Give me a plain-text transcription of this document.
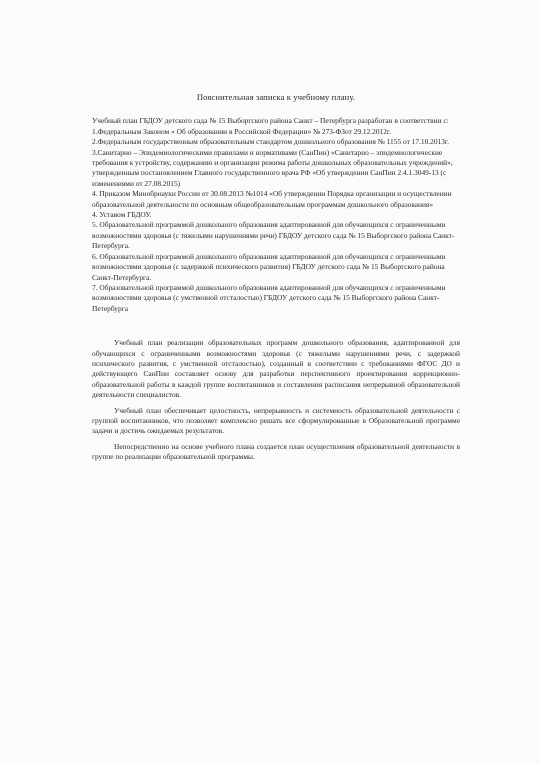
Пояснительная записка к учебному плану.

Учебный план ГБДОУ детского сада № 15 Выборгского района Санкт – Петербурга разработан в соответствии с:

1.Федеральным Законом « Об образовании в Российской Федерации» № 273-ФЗот 29.12.2012г.

2.Федеральным государственным образовательным стандартом дошкольного образования № 1155 от 17.10.2013г.

3.Санитарно – Эпидемиологическими правилами и нормативами (СанПин) «Санитарно – эпидемиологические требования к устройству, содержанию и организации режима работы дошкольных образовательных учреждений», утвержденным постановлением Главного государственного врача РФ «Об утверждении СанПин 2.4.1.3049-13 (с изменениями от 27.08.2015)

4. Приказом Минобрнауки России от 30.08.2013 №1014 «Об утверждении Порядка организации и осуществлении образовательной деятельности по основным общеобразовательным программам дошкольного образования»

4. Уставом ГБДОУ.

5. Образовательной программой дошкольного образования адаптированной для обучающихся с ограниченными возможностями здоровья (с тяжелыми нарушениями речи) ГБДОУ детского сада № 15 Выборгского района Санкт-Петербурга.

6. Образовательной программой дошкольного образования адаптированной для обучающихся с ограниченными возможностями здоровья (с задержкой психического развития) ГБДОУ детского сада № 15 Выборгского района Санкт-Петербурга.

7. Образовательной программой дошкольного образования адаптированной для обучающихся с ограниченными возможностями здоровья (с умственной отсталостью) ГБДОУ детского сада № 15 Выборгского района Санкт-Петербурга

Учебный план реализации образовательных программ дошкольного образования, адаптированной для обучающихся с ограниченными возможностями здоровья (с тяжелыми нарушениями речи, с задержкой психического развития, с умственной отсталостью), созданный в соответствии с требованиями ФГОС ДО и действующего СанПин составляет основу для разработки перспективного проектирования коррекционно-образовательной работы в каждой группе воспитанников и составления расписания непрерывной образовательной деятельности специалистов.

Учебный план обеспечивает целостность, непрерывность и системность образовательной деятельности с группой воспитанников, что позволяет комплексно решать все сформулированные в Образовательной программе задачи и достичь ожидаемых результатов.

Непосредственно на основе учебного плана создается план осуществления образовательной деятельности в группе по реализации образовательной программы.
